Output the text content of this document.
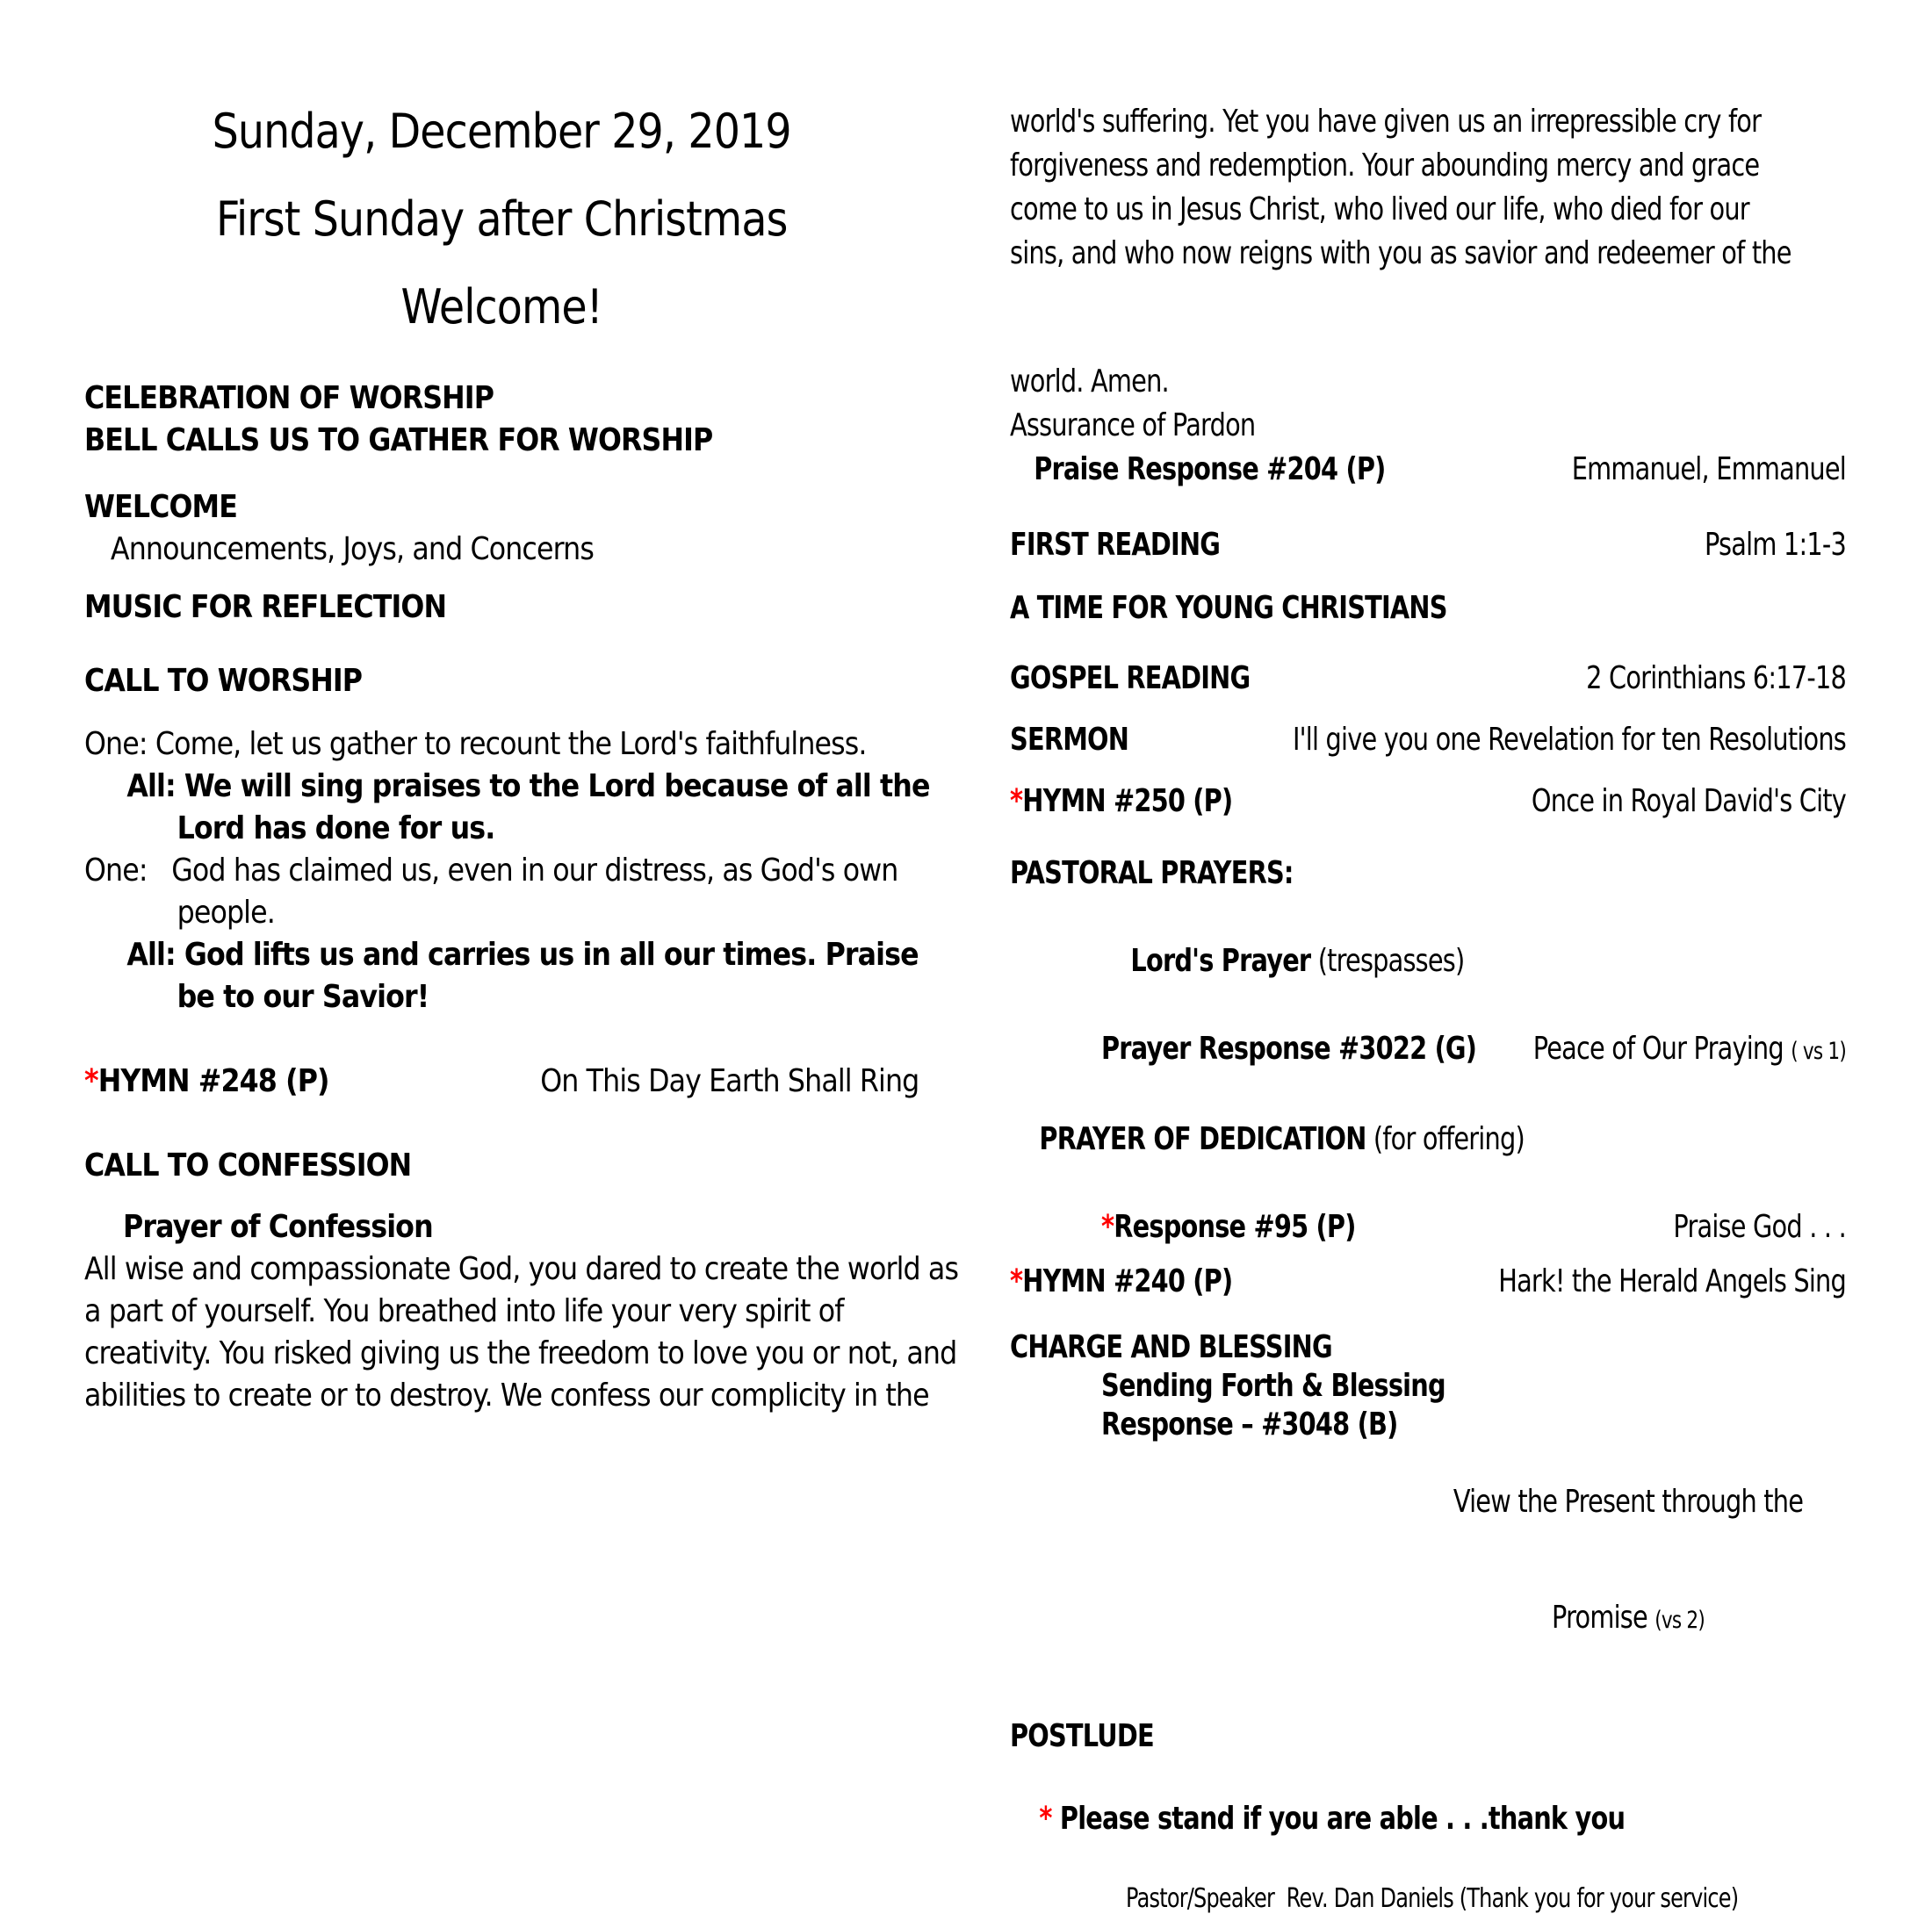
Sunday, December 29, 2019
First Sunday after Christmas
Welcome!
CELEBRATION OF WORSHIP
BELL CALLS US TO GATHER FOR WORSHIP
WELCOME
Announcements, Joys, and Concerns
MUSIC FOR REFLECTION
CALL TO WORSHIP
One: Come, let us gather to recount the Lord's faithfulness.
All: We will sing praises to the Lord because of all the
Lord has done for us.
One:   God has claimed us, even in our distress, as God's own
people.
All: God lifts us and carries us in all our times. Praise
be to our Savior!
*HYMN #248 (P)	On This Day Earth Shall Ring
CALL TO CONFESSION
Prayer of Confession
All wise and compassionate God, you dared to create the world as
a part of yourself. You breathed into life your very spirit of
creativity. You risked giving us the freedom to love you or not, and
abilities to create or to destroy. We confess our complicity in the
world's suffering. Yet you have given us an irrepressible cry for
forgiveness and redemption. Your abounding mercy and grace
come to us in Jesus Christ, who lived our life, who died for our
sins, and who now reigns with you as savior and redeemer of the
world. Amen.
Assurance of Pardon
Praise Response #204 (P)	Emmanuel, Emmanuel
FIRST READING	Psalm 1:1-3
A TIME FOR YOUNG CHRISTIANS
GOSPEL READING	2 Corinthians 6:17-18
SERMON	I'll give you one Revelation for ten Resolutions
*HYMN #250 (P)	Once in Royal David's City
PASTORAL PRAYERS:

Lord's Prayer (trespasses)

Prayer Response #3022 (G) Peace of Our Praying ( vs 1)

PRAYER OF DEDICATION (for offering)

*Response #95 (P)	Praise God . . .
*HYMN #240 (P)	Hark! the Herald Angels Sing
CHARGE AND BLESSING
Sending Forth & Blessing
Response – #3048 (B)

View the Present through the

Promise (vs 2)

POSTLUDE

* Please stand if you are able . . .thank you

Pastor/Speaker  Rev. Dan Daniels (Thank you for your service)
